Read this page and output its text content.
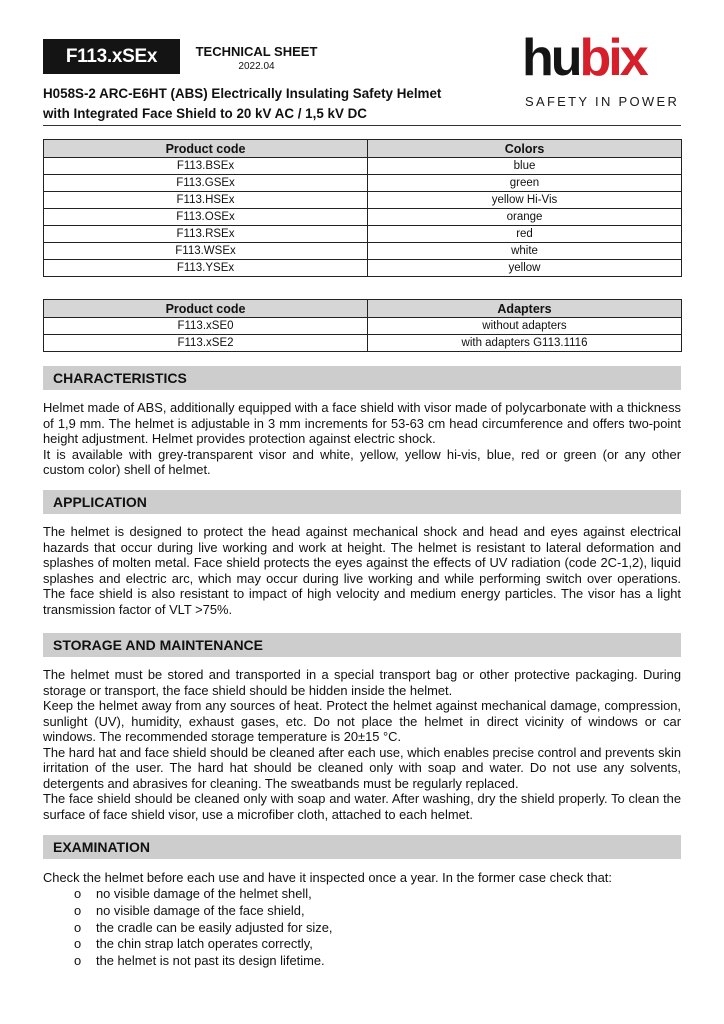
F113.xSEx	TECHNICAL SHEET
2022.04	hubix
SAFETY IN POWER
H058S-2 ARC-E6HT (ABS) Electrically Insulating Safety Helmet
with Integrated Face Shield to 20 kV AC / 1,5 kV DC
Product code	Colors
F113.BSEx	blue
F113.GSEx	green
F113.HSEx	yellow Hi-Vis
F113.OSEx	orange
F113.RSEx	red
F113.WSEx	white
F113.YSEx	yellow
Product code	Adapters
F113.xSE0	without adapters
F113.xSE2	with adapters G113.1116
CHARACTERISTICS

Helmet made of ABS, additionally equipped with a face shield with visor made of polycarbonate with a thickness of 1,9 mm. The helmet is adjustable in 3 mm increments for 53-63 cm head circumference and offers two-point height adjustment. Helmet provides protection against electric shock.

It is available with grey-transparent visor and white, yellow, yellow hi-vis, blue, red or green (or any other custom color) shell of helmet.

APPLICATION

The helmet is designed to protect the head against mechanical shock and head and eyes against electrical hazards that occur during live working and work at height. The helmet is resistant to lateral deformation and splashes of molten metal. Face shield protects the eyes against the effects of UV radiation (code 2C-1,2), liquid splashes and electric arc, which may occur during live working and while performing switch over operations. The face shield is also resistant to impact of high velocity and medium energy particles. The visor has a light transmission factor of VLT >75%.

STORAGE AND MAINTENANCE

The helmet must be stored and transported in a special transport bag or other protective packaging. During storage or transport, the face shield should be hidden inside the helmet.

Keep the helmet away from any sources of heat. Protect the helmet against mechanical damage, compression, sunlight (UV), humidity, exhaust gases, etc. Do not place the helmet in direct vicinity of windows or car windows. The recommended storage temperature is 20±15 °C.

The hard hat and face shield should be cleaned after each use, which enables precise control and prevents skin irritation of the user. The hard hat should be cleaned only with soap and water. Do not use any solvents, detergents and abrasives for cleaning. The sweatbands must be regularly replaced.

The face shield should be cleaned only with soap and water. After washing, dry the shield properly. To clean the surface of face shield visor, use a microfiber cloth, attached to each helmet.

EXAMINATION
Check the helmet before each use and have it inspected once a year. In the former case check that:
o no visible damage of the helmet shell,
o no visible damage of the face shield,
o the cradle can be easily adjusted for size,
o the chin strap latch operates correctly,
o the helmet is not past its design lifetime.
